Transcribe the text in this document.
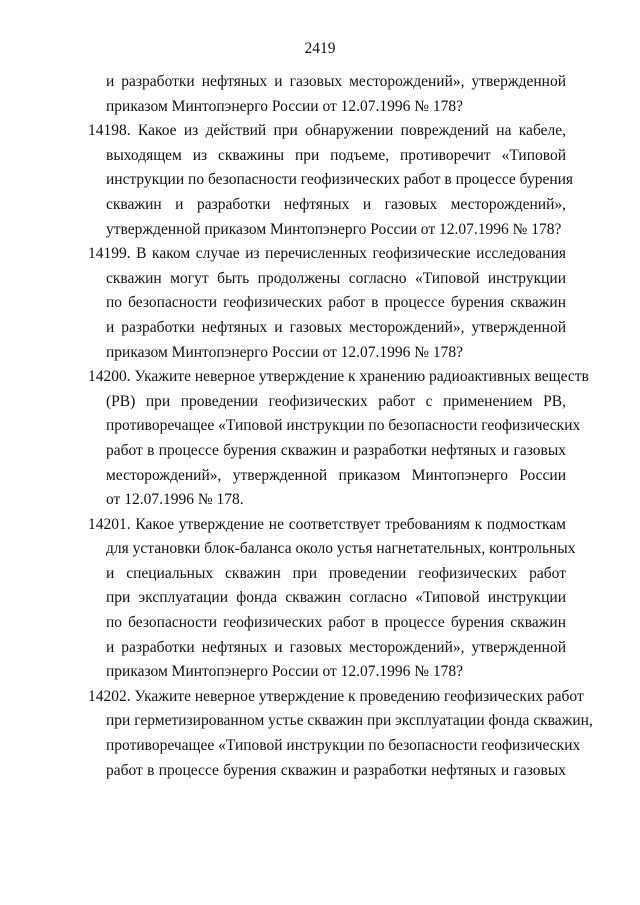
2419
и разработки нефтяных и газовых месторождений», утвержденной
приказом Минтопэнерго России от 12.07.1996 № 178?
14198. Какое из действий при обнаружении повреждений на кабеле,
выходящем из скважины при подъеме, противоречит «Типовой
инструкции по безопасности геофизических работ в процессе бурения
скважин и разработки нефтяных и газовых месторождений»,
утвержденной приказом Минтопэнерго России от 12.07.1996 № 178?
14199. В каком случае из перечисленных геофизические исследования
скважин могут быть продолжены согласно «Типовой инструкции
по безопасности геофизических работ в процессе бурения скважин
и разработки нефтяных и газовых месторождений», утвержденной
приказом Минтопэнерго России от 12.07.1996 № 178?
14200. Укажите неверное утверждение к хранению радиоактивных веществ
(РВ) при проведении геофизических работ с применением РВ,
противоречащее «Типовой инструкции по безопасности геофизических
работ в процессе бурения скважин и разработки нефтяных и газовых
месторождений», утвержденной приказом Минтопэнерго России
от 12.07.1996 № 178.
14201. Какое утверждение не соответствует требованиям к подмосткам
для установки блок-баланса около устья нагнетательных, контрольных
и специальных скважин при проведении геофизических работ
при эксплуатации фонда скважин согласно «Типовой инструкции
по безопасности геофизических работ в процессе бурения скважин
и разработки нефтяных и газовых месторождений», утвержденной
приказом Минтопэнерго России от 12.07.1996 № 178?
14202. Укажите неверное утверждение к проведению геофизических работ
при герметизированном устье скважин при эксплуатации фонда скважин,
противоречащее «Типовой инструкции по безопасности геофизических
работ в процессе бурения скважин и разработки нефтяных и газовых
